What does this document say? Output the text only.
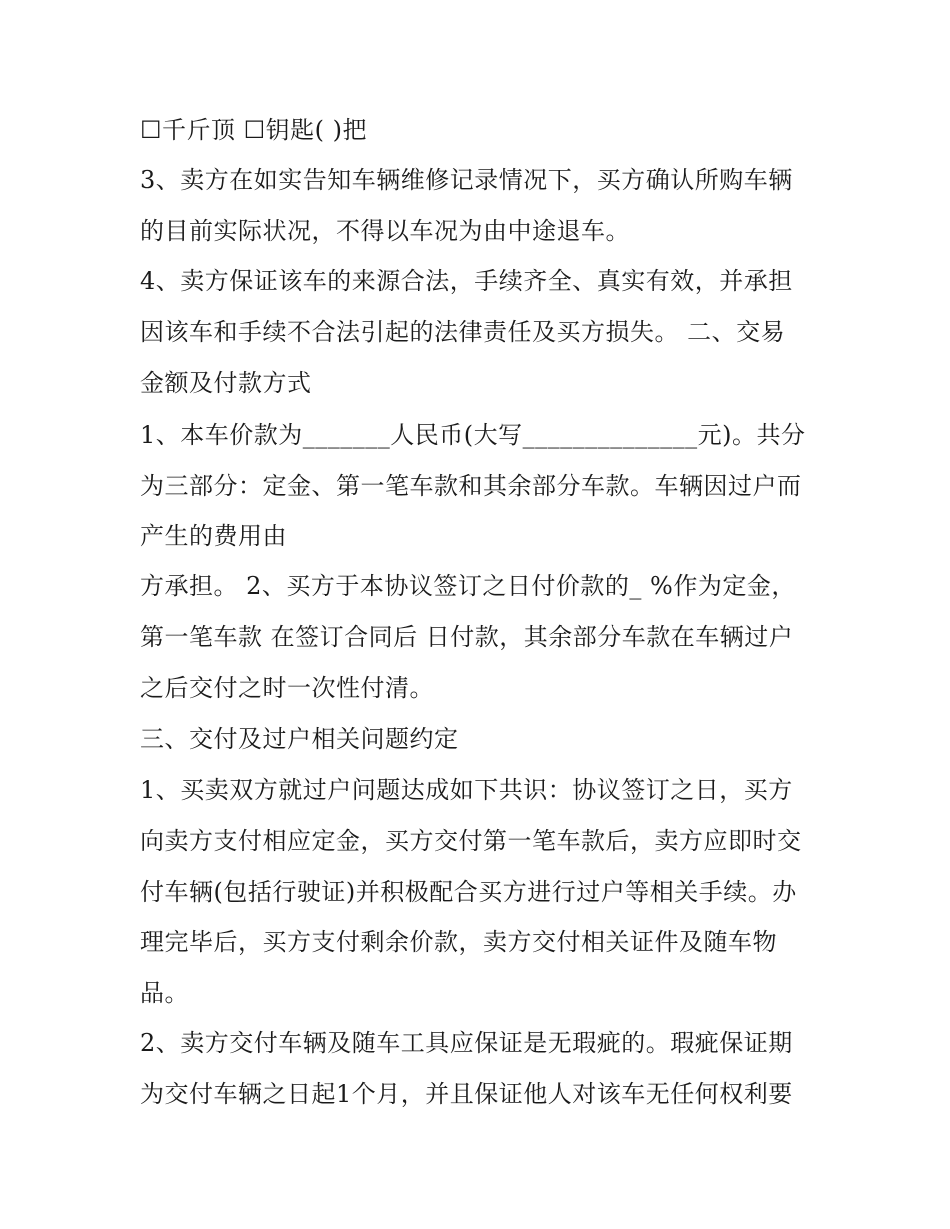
☐千斤顶 ☐钥匙( )把
3、卖方在如实告知车辆维修记录情况下，买方确认所购车辆
的目前实际状况，不得以车况为由中途退车。
4、卖方保证该车的来源合法，手续齐全、真实有效，并承担
因该车和手续不合法引起的法律责任及买方损失。 二、交易
金额及付款方式
1、本车价款为_______人民币(大写______________元)。共分
为三部分：定金、第一笔车款和其余部分车款。车辆因过户而
产生的费用由
方承担。 2、买方于本协议签订之日付价款的_ %作为定金，
第一笔车款 在签订合同后 日付款，其余部分车款在车辆过户
之后交付之时一次性付清。
三、交付及过户相关问题约定
1、买卖双方就过户问题达成如下共识：协议签订之日，买方
向卖方支付相应定金，买方交付第一笔车款后，卖方应即时交
付车辆(包括行驶证)并积极配合买方进行过户等相关手续。办
理完毕后，买方支付剩余价款，卖方交付相关证件及随车物
品。
2、卖方交付车辆及随车工具应保证是无瑕疵的。瑕疵保证期
为交付车辆之日起1个月，并且保证他人对该车无任何权利要
